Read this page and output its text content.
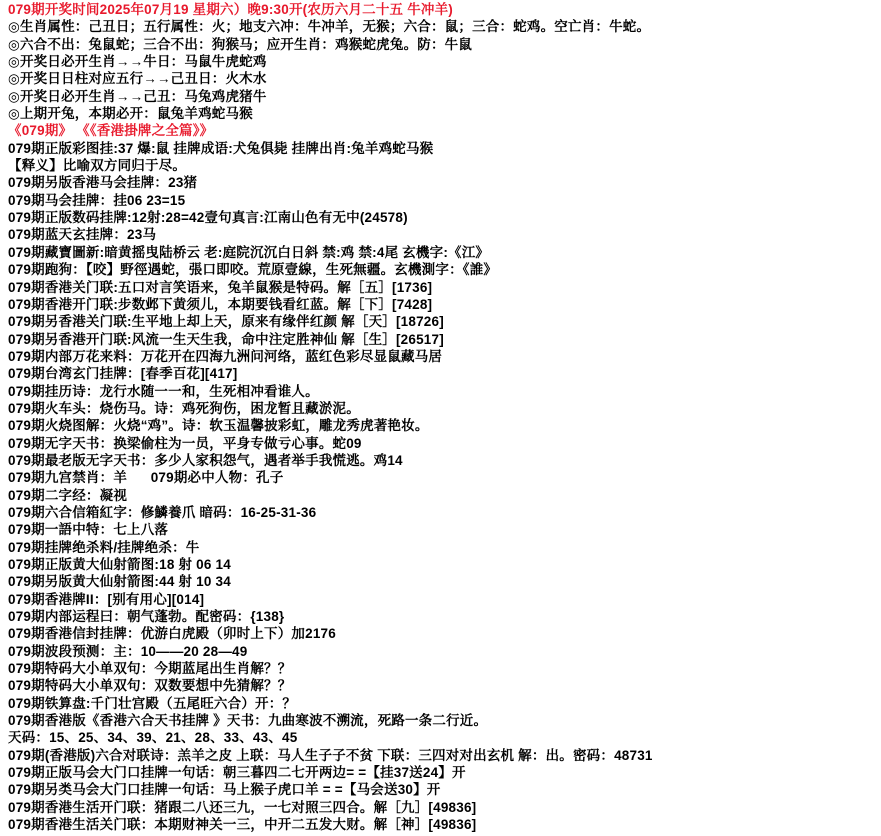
079期开奖时间2025年07月19 星期六）晚9:30开(农历六月二十五 牛冲羊)
◎生肖属性：己丑日；五行属性：火；地支六冲：牛冲羊，无猴；六合：鼠；三合：蛇鸡。空亡肖：牛蛇。
◎六合不出：兔鼠蛇；三合不出：狗猴马；应开生肖：鸡猴蛇虎兔。防：牛鼠
◎开奖日必开生肖→→牛日：马鼠牛虎蛇鸡
◎开奖日日柱对应五行→→己丑日：火木水
◎开奖日必开生肖→→己丑：马兔鸡虎猪牛
◎上期开兔，本期必开：鼠兔羊鸡蛇马猴
《079期》 《《香港掛牌之全篇》》
079期正版彩图挂:37 爆:鼠 挂牌成语:犬兔俱毙 挂牌出肖:兔羊鸡蛇马猴
【释义】比喻双方同归于尽。
079期另版香港马会挂牌：23猪
079期马会挂牌：挂06 23=15
079期正版数码挂牌:12射:28=42壹句真言:江南山色有无中(24578)
079期蓝天玄挂牌：23马
079期藏寶圖新:暗黄摇曳陆桥云 老:庭院沉沉白日斜 禁:鸡 禁:4尾 玄機字:《江》
079期跑狗：【咬】野徑遇蛇，張口即咬。荒原壹線，生死無疆。玄機測字：《誰》
079期香港关门联:五口对言笑语来，兔羊鼠猴是特码。解［五］[1736]
079期香港开门联:步数邺下黄须儿，本期要钱看红蓝。解［下］[7428]
079期另香港关门联:生平地上却上天，原来有缘伴红颜 解［天］[18726]
079期另香港开门联:风流一生天生我，命中注定胜神仙 解［生］[26517]
079期内部万花来料：万花开在四海九洲问河络，蓝红色彩尽显鼠藏马居
079期台湾玄门挂牌：[春季百花][417]
079期挂历诗：龙行水随一一和，生死相冲看谁人。
079期火车头：烧伤马。诗：鸡死狗伤，困龙暂且藏淤泥。
079期火烧图解：火烧“鸡”。诗：软玉温馨披彩虹，雕龙秀虎著艳妆。
079期无字天书：换梁偷柱为一员，平身专做亏心事。蛇09
079期最老版无字天书：多少人家积怨气，遇者举手我慌逃。鸡14
079期九宫禁肖：羊      079期必中人物：孔子
079期二字经：凝视
079期六合信箱紅字：修鱗養爪 暗码：16-25-31-36
079期一語中特：七上八落
079期挂牌绝杀料/挂牌绝杀：牛
079期正版黄大仙射箭图:18 射 06 14
079期另版黄大仙射箭图:44 射 10 34
079期香港牌II：[别有用心][014]
079期内部运程曰：朝气蓬勃。配密码：{138}
079期香港信封挂牌：优游白虎殿（卯时上下）加2176
079期波段预测：主：10——20 28—49
079期特码大小单双句：今期蓝尾出生肖解？？
079期特码大小单双句：双数要想中先猜解？？
079期铁算盘:千门壮宫殿（五尾旺六合）开：？
079期香港版《香港六合天书挂牌 》天书：九曲寒波不溯流，死路一条二行近。
天码：15、25、34、39、21、28、33、43、45
079期(香港版)六合对联诗：羔羊之皮 上联：马人生子子不贫 下联：三四对对出玄机 解：出。密码：48731
079期正版马会大门口挂牌一句话：朝三暮四二七开两边= =【挂37送24】开
079期另类马会大门口挂牌一句话：马上猴子虎口羊 = =【马会送30】开
079期香港生活开门联：猪跟二八还三九，一七对照三四合。解［九］[49836]
079期香港生活关门联：本期财神关一三，中开二五发大财。解［神］[49836]
